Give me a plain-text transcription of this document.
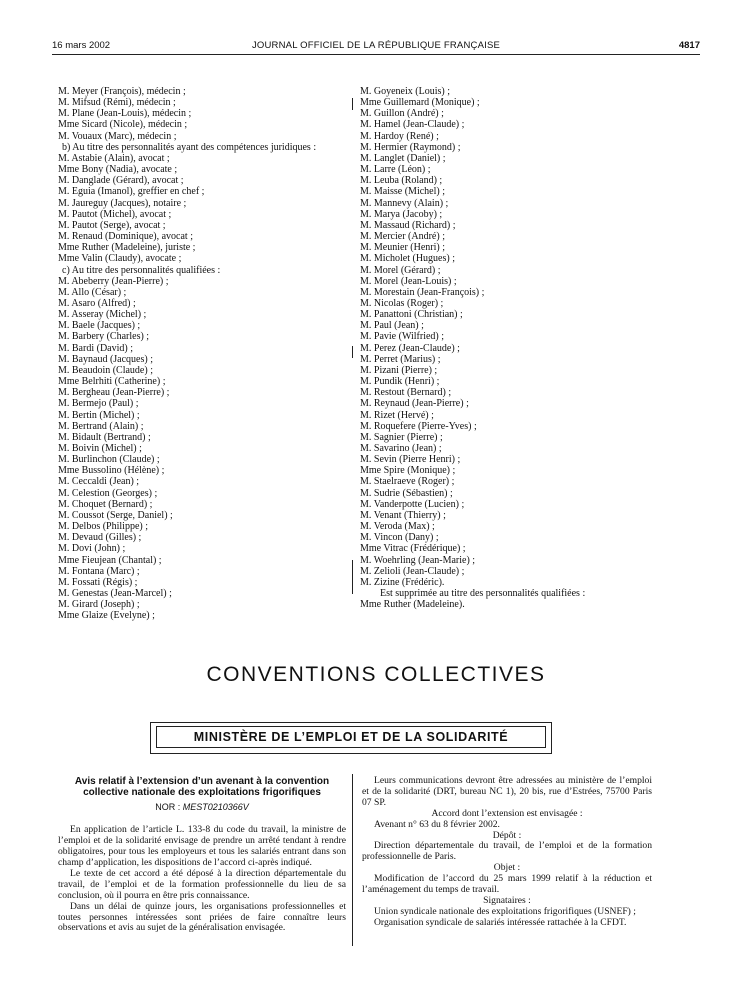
16 mars 2002	JOURNAL OFFICIEL DE LA RÉPUBLIQUE FRANÇAISE	4817
M. Meyer (François), médecin ;
M. Mifsud (Rémi), médecin ;
M. Plane (Jean-Louis), médecin ;
Mme Sicard (Nicole), médecin ;
M. Vouaux (Marc), médecin ;
b) Au titre des personnalités ayant des compétences juridiques :
M. Astabie (Alain), avocat ;
Mme Bony (Nadia), avocate ;
M. Danglade (Gérard), avocat ;
M. Eguia (Imanol), greffier en chef ;
M. Jaureguy (Jacques), notaire ;
M. Pautot (Michel), avocat ;
M. Pautot (Serge), avocat ;
M. Renaud (Dominique), avocat ;
Mme Ruther (Madeleine), juriste ;
Mme Valin (Claudy), avocate ;
c) Au titre des personnalités qualifiées :
M. Abeberry (Jean-Pierre) ;
M. Allo (César) ;
M. Asaro (Alfred) ;
M. Asseray (Michel) ;
M. Baele (Jacques) ;
M. Barbery (Charles) ;
M. Bardi (David) ;
M. Baynaud (Jacques) ;
M. Beaudoin (Claude) ;
Mme Belrhiti (Catherine) ;
M. Bergheau (Jean-Pierre) ;
M. Bermejo (Paul) ;
M. Bertin (Michel) ;
M. Bertrand (Alain) ;
M. Bidault (Bertrand) ;
M. Boivin (Michel) ;
M. Burlinchon (Claude) ;
Mme Bussolino (Hélène) ;
M. Ceccaldi (Jean) ;
M. Celestion (Georges) ;
M. Choquet (Bernard) ;
M. Coussot (Serge, Daniel) ;
M. Delbos (Philippe) ;
M. Devaud (Gilles) ;
M. Dovi (John) ;
Mme Fieujean (Chantal) ;
M. Fontana (Marc) ;
M. Fossati (Régis) ;
M. Genestas (Jean-Marcel) ;
M. Girard (Joseph) ;
Mme Glaize (Evelyne) ;
M. Goyeneix (Louis) ;
Mme Guillemard (Monique) ;
M. Guillon (André) ;
M. Hamel (Jean-Claude) ;
M. Hardoy (René) ;
M. Hermier (Raymond) ;
M. Langlet (Daniel) ;
M. Larre (Léon) ;
M. Leuba (Roland) ;
M. Maisse (Michel) ;
M. Mannevy (Alain) ;
M. Marya (Jacoby) ;
M. Massaud (Richard) ;
M. Mercier (André) ;
M. Meunier (Henri) ;
M. Micholet (Hugues) ;
M. Morel (Gérard) ;
M. Morel (Jean-Louis) ;
M. Morestain (Jean-François) ;
M. Nicolas (Roger) ;
M. Panattoni (Christian) ;
M. Paul (Jean) ;
M. Pavie (Wilfried) ;
M. Perez (Jean-Claude) ;
M. Perret (Marius) ;
M. Pizani (Pierre) ;
M. Pundik (Henri) ;
M. Restout (Bernard) ;
M. Reynaud (Jean-Pierre) ;
M. Rizet (Hervé) ;
M. Roquefere (Pierre-Yves) ;
M. Sagnier (Pierre) ;
M. Savarino (Jean) ;
M. Sevin (Pierre Henri) ;
Mme Spire (Monique) ;
M. Staelraeve (Roger) ;
M. Sudrie (Sébastien) ;
M. Vanderpotte (Lucien) ;
M. Venant (Thierry) ;
M. Veroda (Max) ;
M. Vincon (Dany) ;
Mme Vitrac (Frédérique) ;
M. Woehrling (Jean-Marie) ;
M. Zelioli (Jean-Claude) ;
M. Zizine (Frédéric).
Est supprimée au titre des personnalités qualifiées :
Mme Ruther (Madeleine).
CONVENTIONS COLLECTIVES
MINISTÈRE DE L’EMPLOI ET DE LA SOLIDARITÉ
Avis relatif à l’extension d’un avenant à la convention
collective nationale des exploitations frigorifiques
NOR : MEST0210366V

En application de l’article L. 133-8 du code du travail, la ministre de l’emploi et de la solidarité envisage de prendre un arrêté tendant à rendre obligatoires, pour tous les employeurs et tous les salariés entrant dans son champ d’application, les dispositions de l’accord ci-après indiqué.

Le texte de cet accord a été déposé à la direction départementale du travail, de l’emploi et de la formation professionnelle du lieu de sa conclusion, où il pourra en être pris connaissance.

Dans un délai de quinze jours, les organisations professionnelles et toutes personnes intéressées sont priées de faire connaître leurs observations et avis au sujet de la généralisation envisagée.

Leurs communications devront être adressées au ministère de l’emploi et de la solidarité (DRT, bureau NC 1), 20 bis, rue d’Estrées, 75700 Paris 07 SP.

Accord dont l’extension est envisagée :

Avenant n° 63 du 8 février 2002.

Dépôt :

Direction départementale du travail, de l’emploi et de la formation professionnelle de Paris.

Objet :

Modification de l’accord du 25 mars 1999 relatif à la réduction et l’aménagement du temps de travail.

Signataires :

Union syndicale nationale des exploitations frigorifiques (USNEF) ;

Organisation syndicale de salariés intéressée rattachée à la CFDT.
